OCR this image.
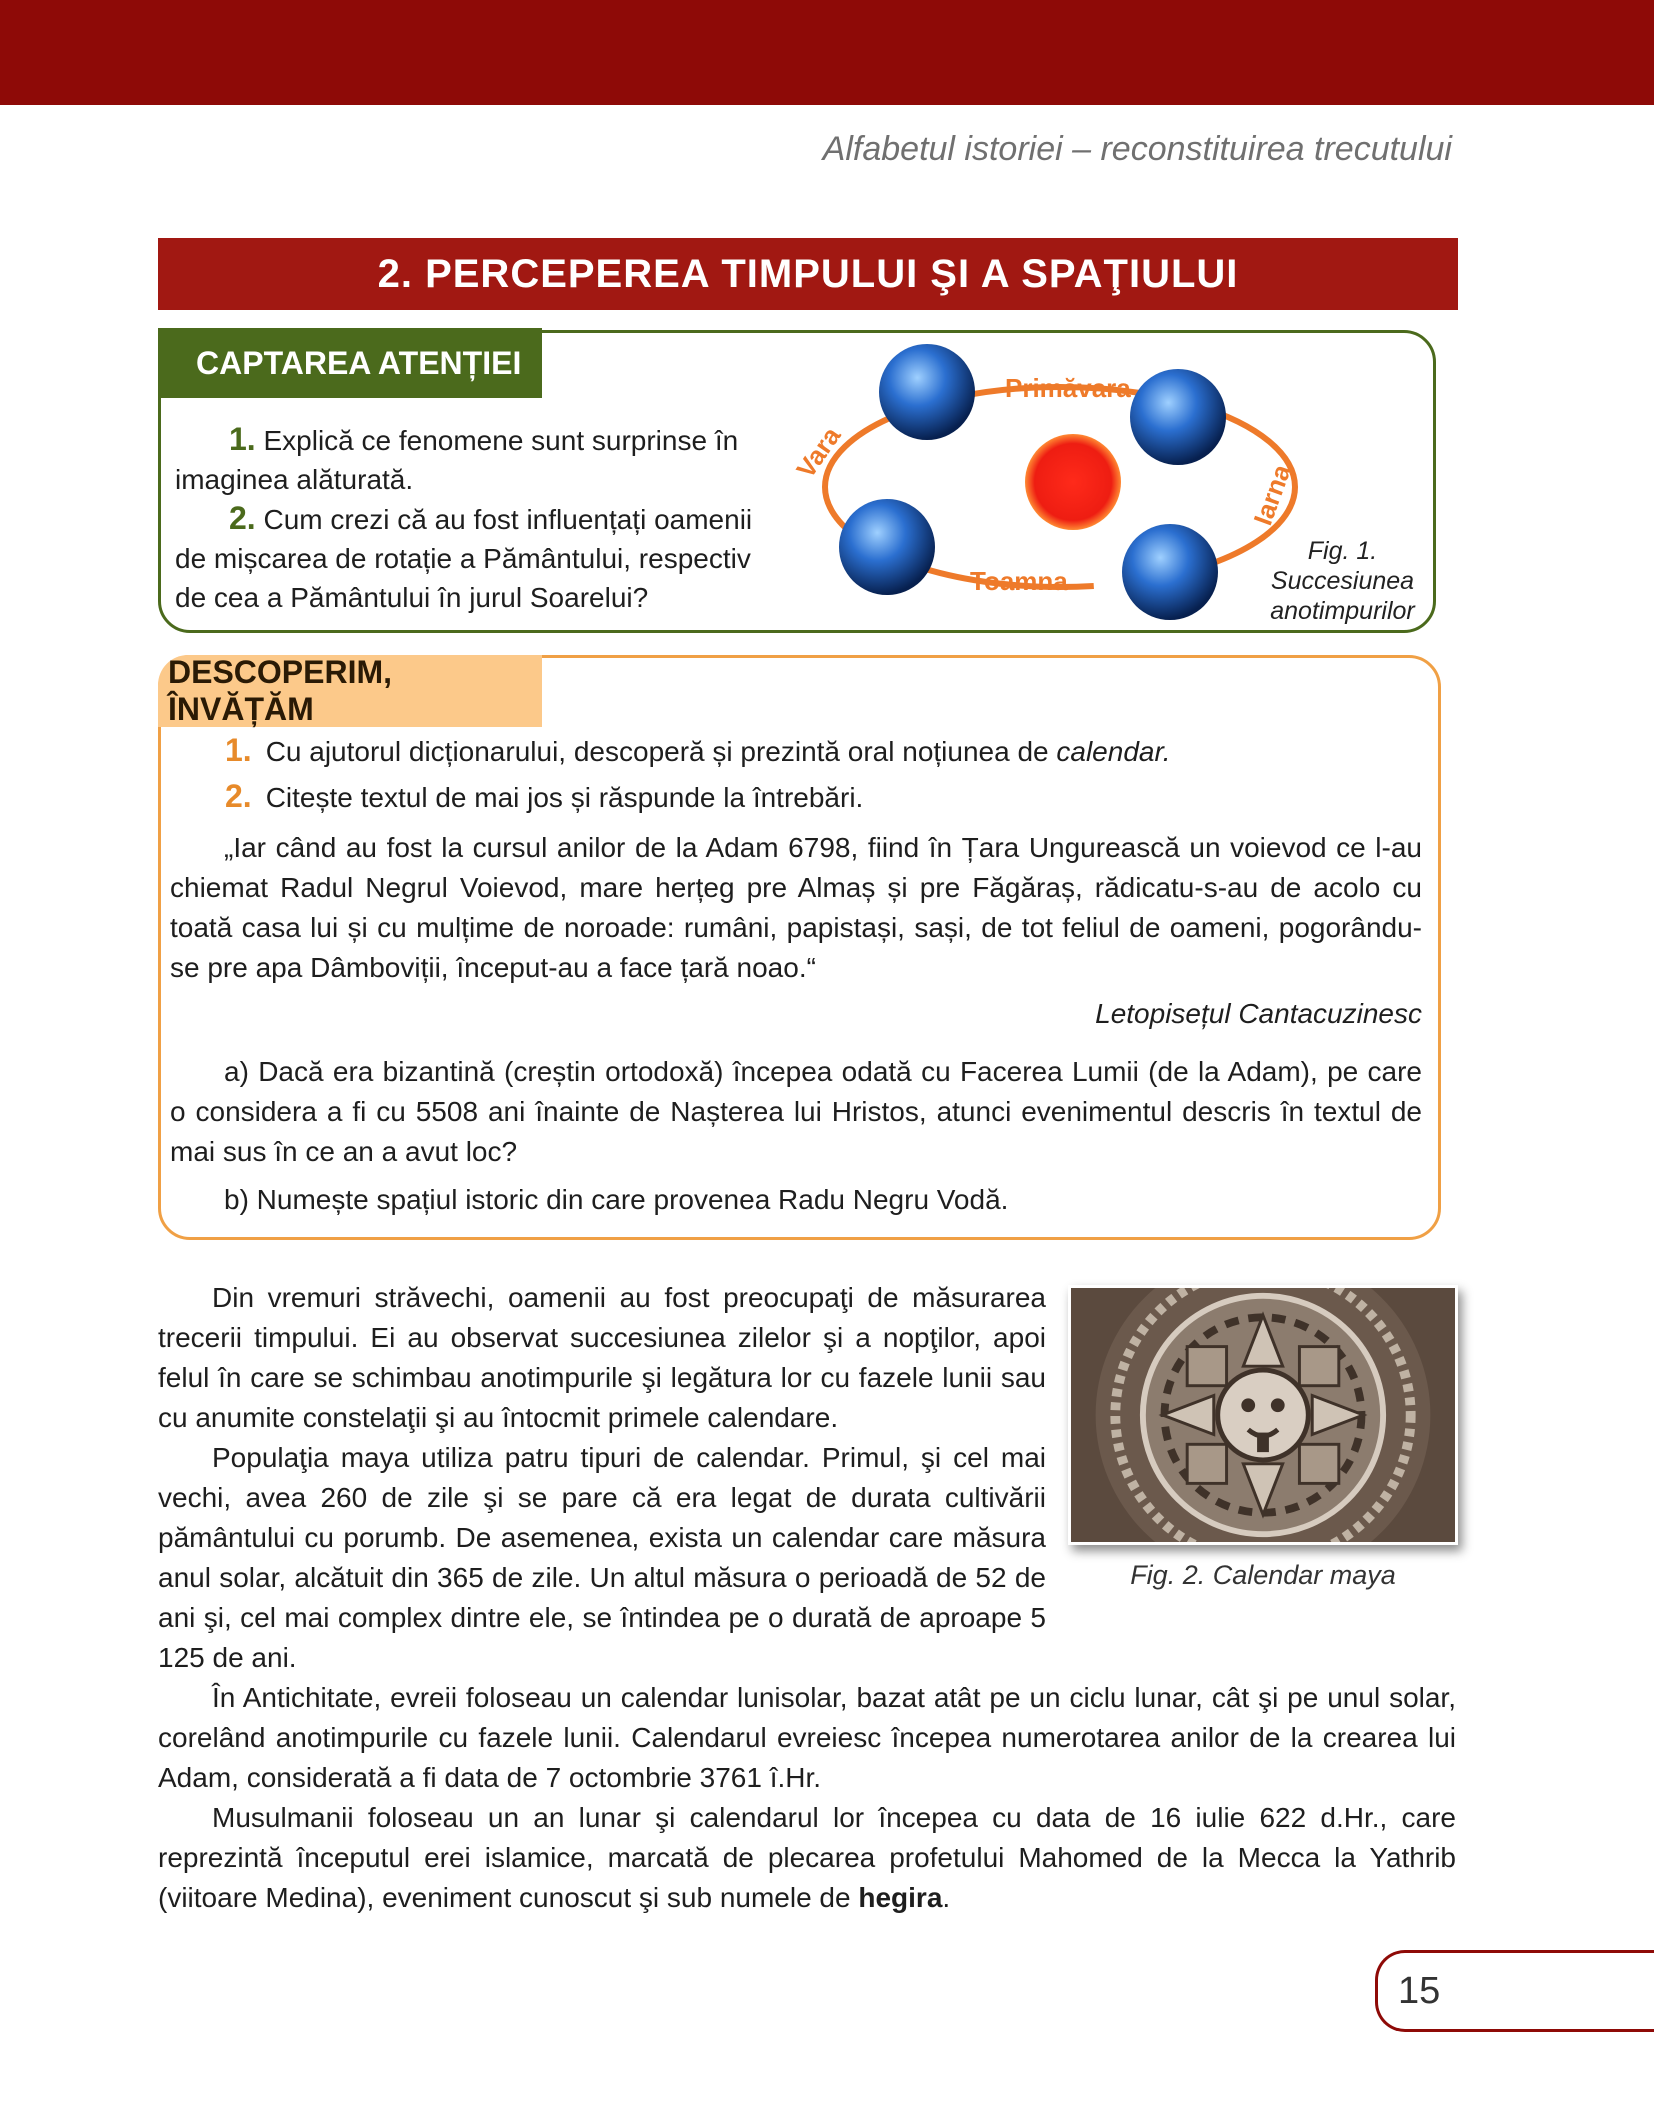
Alfabetul istoriei – reconstituirea trecutului
2. PERCEPEREA TIMPULUI ŞI A SPAŢIULUI
CAPTAREA ATENȚIEI

1. Explică ce fenomene sunt surprinse în imaginea alăturată.

2. Cum crezi că au fost influențați oamenii de mișcarea de rotație a Pământului, respectiv de cea a Pământului în jurul Soarelui?

Primăvara
Vara
Toamna
Iarna
Fig. 1.
Succesiunea
anotimpurilor
DESCOPERIM, ÎNVĂȚĂM
1. Cu ajutorul dicționarului, descoperă și prezintă oral noțiunea de calendar.
2. Citește textul de mai jos și răspunde la întrebări.

„Iar când au fost la cursul anilor de la Adam 6798, fiind în Țara Ungurească un voievod ce l-au chiemat Radul Negrul Voievod, mare herțeg pre Almaș și pre Făgăraș, rădicatu-s-au de acolo cu toată casa lui și cu mulțime de noroade: rumâni, papistași, sași, de tot feliul de oameni, pogorându-se pre apa Dâmboviții, început-au a face țară noao.“

Letopisețul Cantacuzinesc

a) Dacă era bizantină (creștin ortodoxă) începea odată cu Facerea Lumii (de la Adam), pe care o considera a fi cu 5508 ani înainte de Nașterea lui Hristos, atunci evenimentul descris în textul de mai sus în ce an a avut loc?

b) Numește spațiul istoric din care provenea Radu Negru Vodă.

Fig. 2. Calendar maya

Din vremuri străvechi, oamenii au fost preocupaţi de măsurarea trecerii timpului. Ei au observat succesiunea zilelor şi a nopţilor, apoi felul în care se schimbau anotimpurile şi legătura lor cu fazele lunii sau cu anumite constelaţii şi au întocmit primele calendare.

Populaţia maya utiliza patru tipuri de calendar. Primul, şi cel mai vechi, avea 260 de zile şi se pare că era legat de durata cultivării pământului cu porumb. De asemenea, exista un calendar care măsura anul solar, alcătuit din 365 de zile. Un altul măsura o perioadă de 52 de ani şi, cel mai complex dintre ele, se întindea pe o durată de aproape 5 125 de ani.

În Antichitate, evreii foloseau un calendar lunisolar, bazat atât pe un ciclu lunar, cât şi pe unul solar, corelând anotimpurile cu fazele lunii. Calendarul evreiesc începea numerotarea anilor de la crearea lui Adam, considerată a fi data de 7 octombrie 3761 î.Hr.

Musulmanii foloseau un an lunar şi calendarul lor începea cu data de 16 iulie 622 d.Hr., care reprezintă începutul erei islamice, marcată de plecarea profetului Mahomed de la Mecca la Yathrib (viitoare Medina), eveniment cunoscut şi sub numele de hegira.

15
